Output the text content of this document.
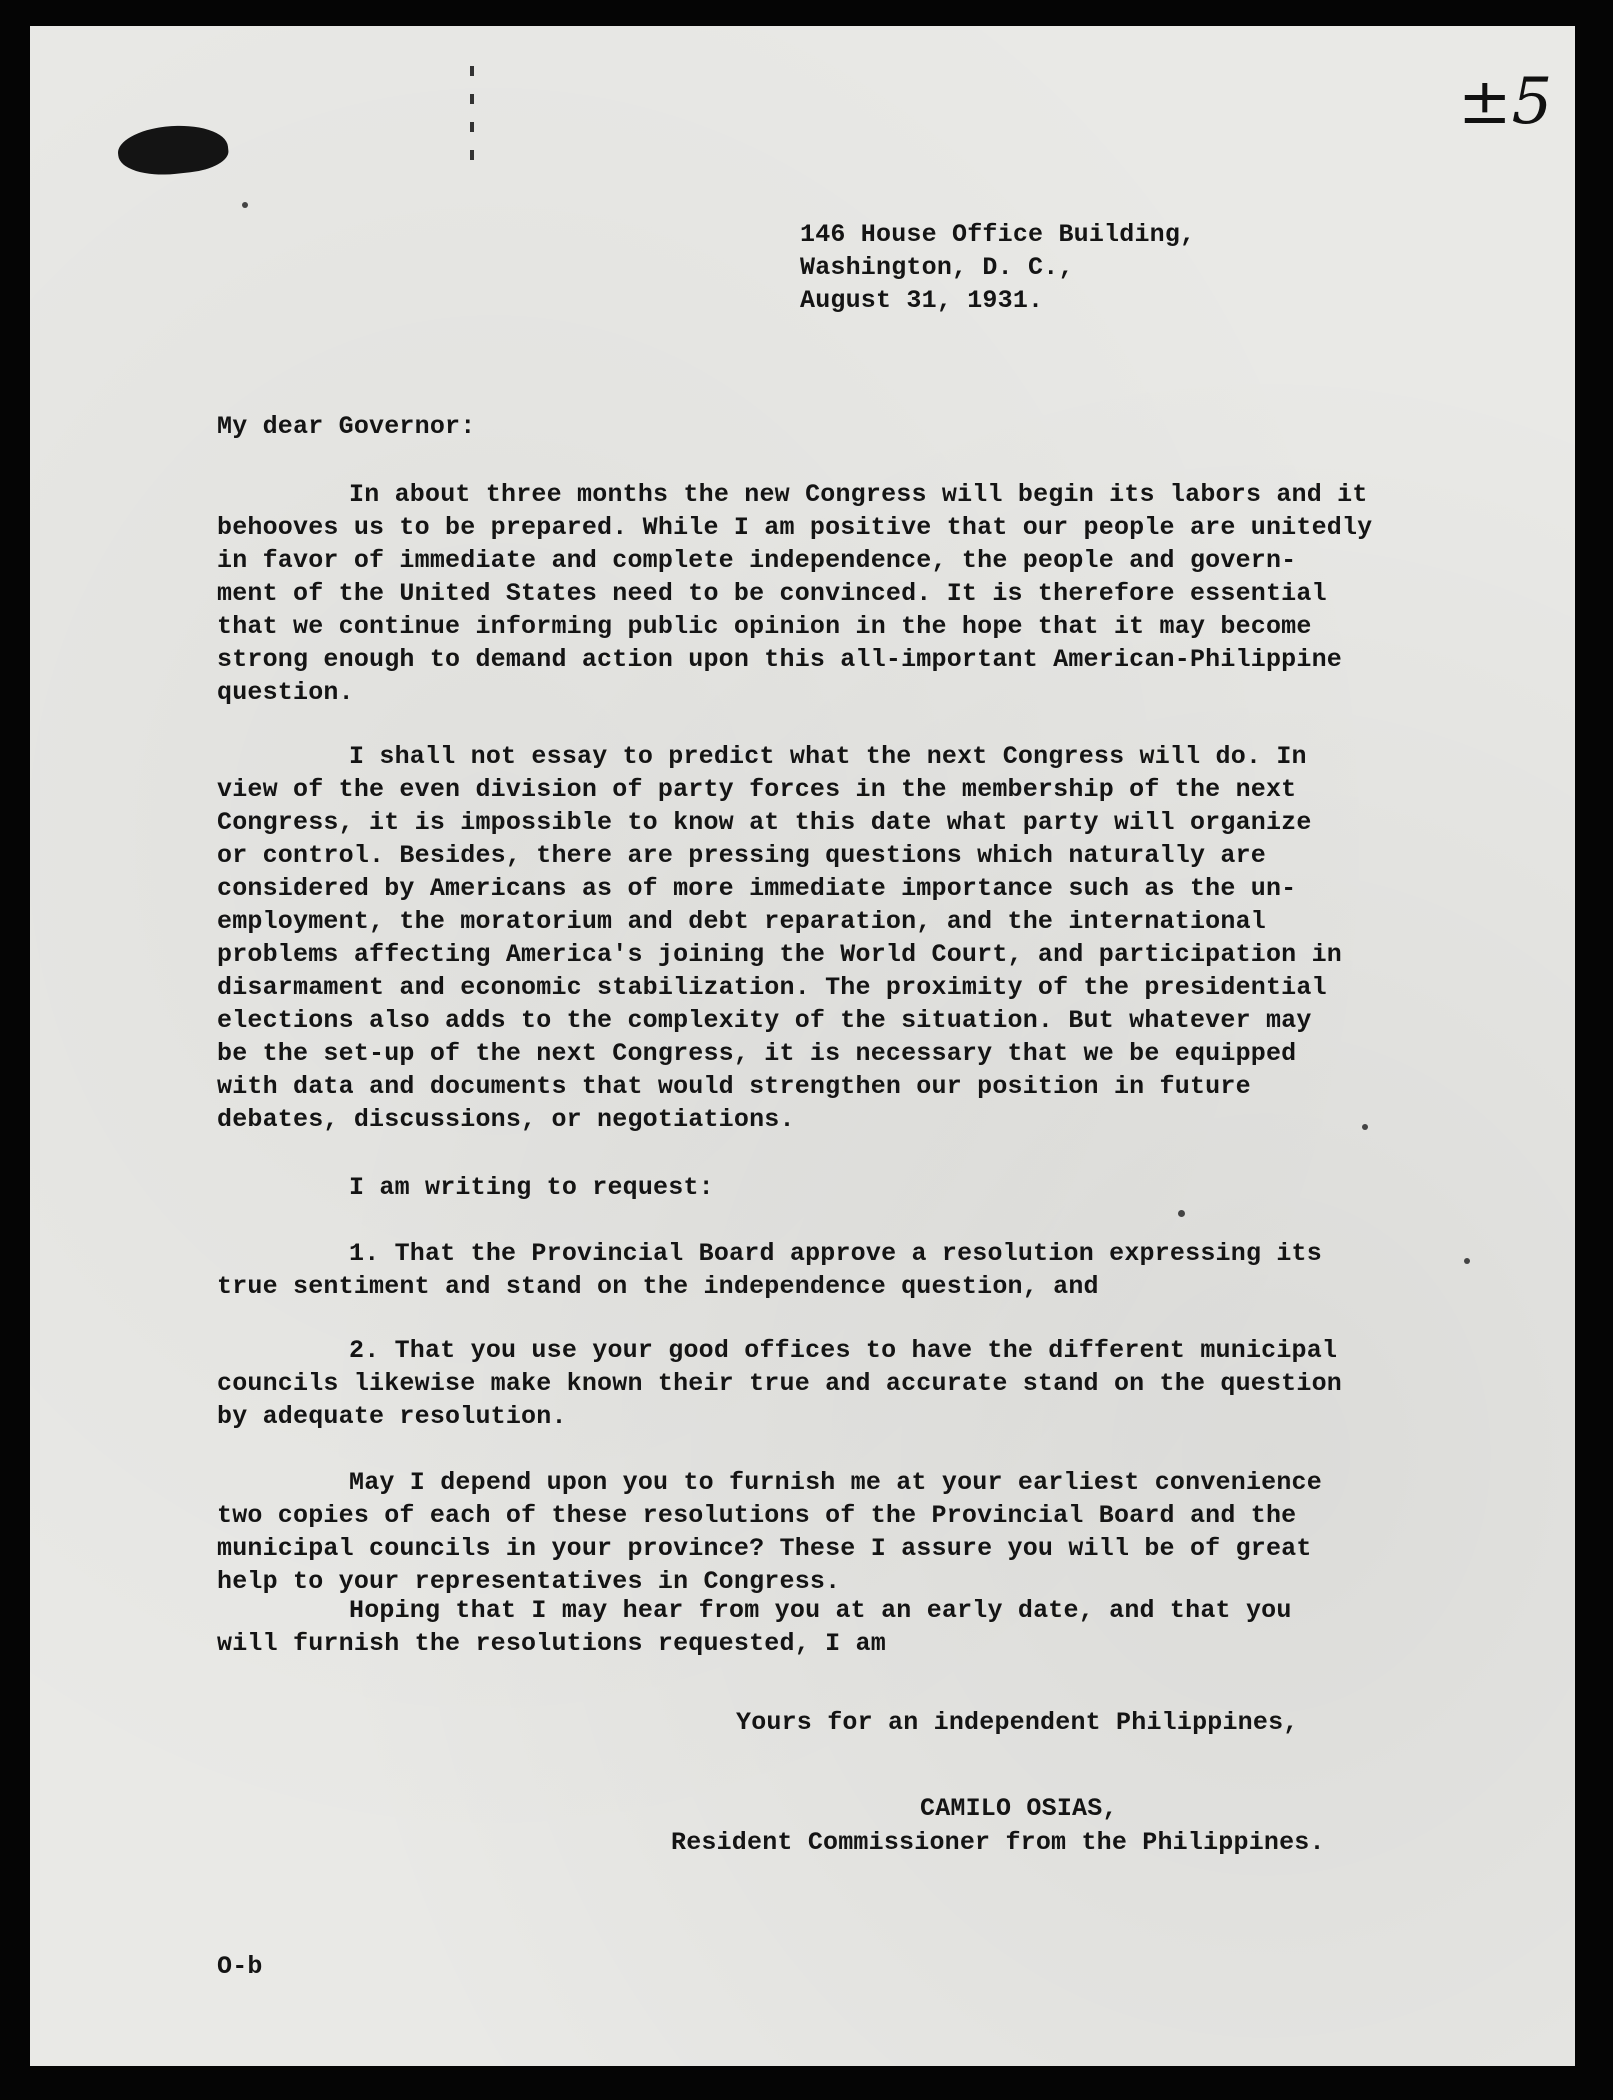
±5
146 House Office Building,
Washington, D. C.,
August 31, 1931.
My dear Governor:
In about three months the new Congress will begin its labors and it
behooves us to be prepared. While I am positive that our people are unitedly
in favor of immediate and complete independence, the people and govern-
ment of the United States need to be convinced. It is therefore essential
that we continue informing public opinion in the hope that it may become
strong enough to demand action upon this all-important American-Philippine
question.
I shall not essay to predict what the next Congress will do. In
view of the even division of party forces in the membership of the next
Congress, it is impossible to know at this date what party will organize
or control. Besides, there are pressing questions which naturally are
considered by Americans as of more immediate importance such as the un-
employment, the moratorium and debt reparation, and the international
problems affecting America's joining the World Court, and participation in
disarmament and economic stabilization. The proximity of the presidential
elections also adds to the complexity of the situation. But whatever may
be the set-up of the next Congress, it is necessary that we be equipped
with data and documents that would strengthen our position in future
debates, discussions, or negotiations.
I am writing to request:
1. That the Provincial Board approve a resolution expressing its
true sentiment and stand on the independence question, and
2. That you use your good offices to have the different municipal
councils likewise make known their true and accurate stand on the question
by adequate resolution.
May I depend upon you to furnish me at your earliest convenience
two copies of each of these resolutions of the Provincial Board and the
municipal councils in your province? These I assure you will be of great
help to your representatives in Congress.
Hoping that I may hear from you at an early date, and that you
will furnish the resolutions requested, I am
Yours for an independent Philippines,
CAMILO OSIAS,
Resident Commissioner from the Philippines.
O-b
